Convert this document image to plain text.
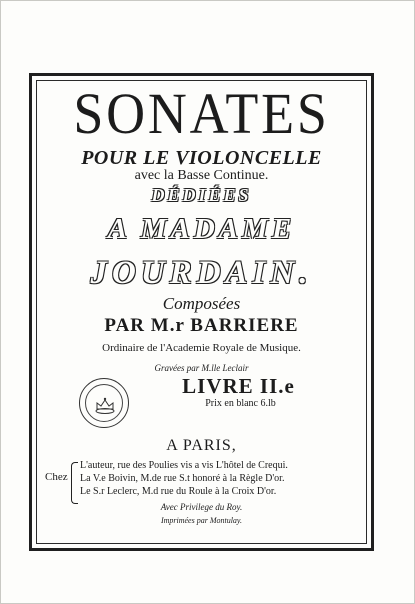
SONATES
POUR LE VIOLONCELLE
avec la Basse Continue.
DÉDIÉES
A MADAME
JOURDAIN.
Composées
PAR M.r BARRIERE
Ordinaire de l'Academie Royale de Musique.
Gravées par M.lle Leclair
LIVRE II.e
Prix en blanc 6.lb
A PARIS,
Chez
L'auteur, rue des Poulies vis a vis L'hôtel de Crequi.
La V.e Boivin, M.de rue S.t honoré à la Règle D'or.
Le S.r Leclerc, M.d rue du Roule à la Croix D'or.
Avec Privilege du Roy.
Imprimées par Montulay.
